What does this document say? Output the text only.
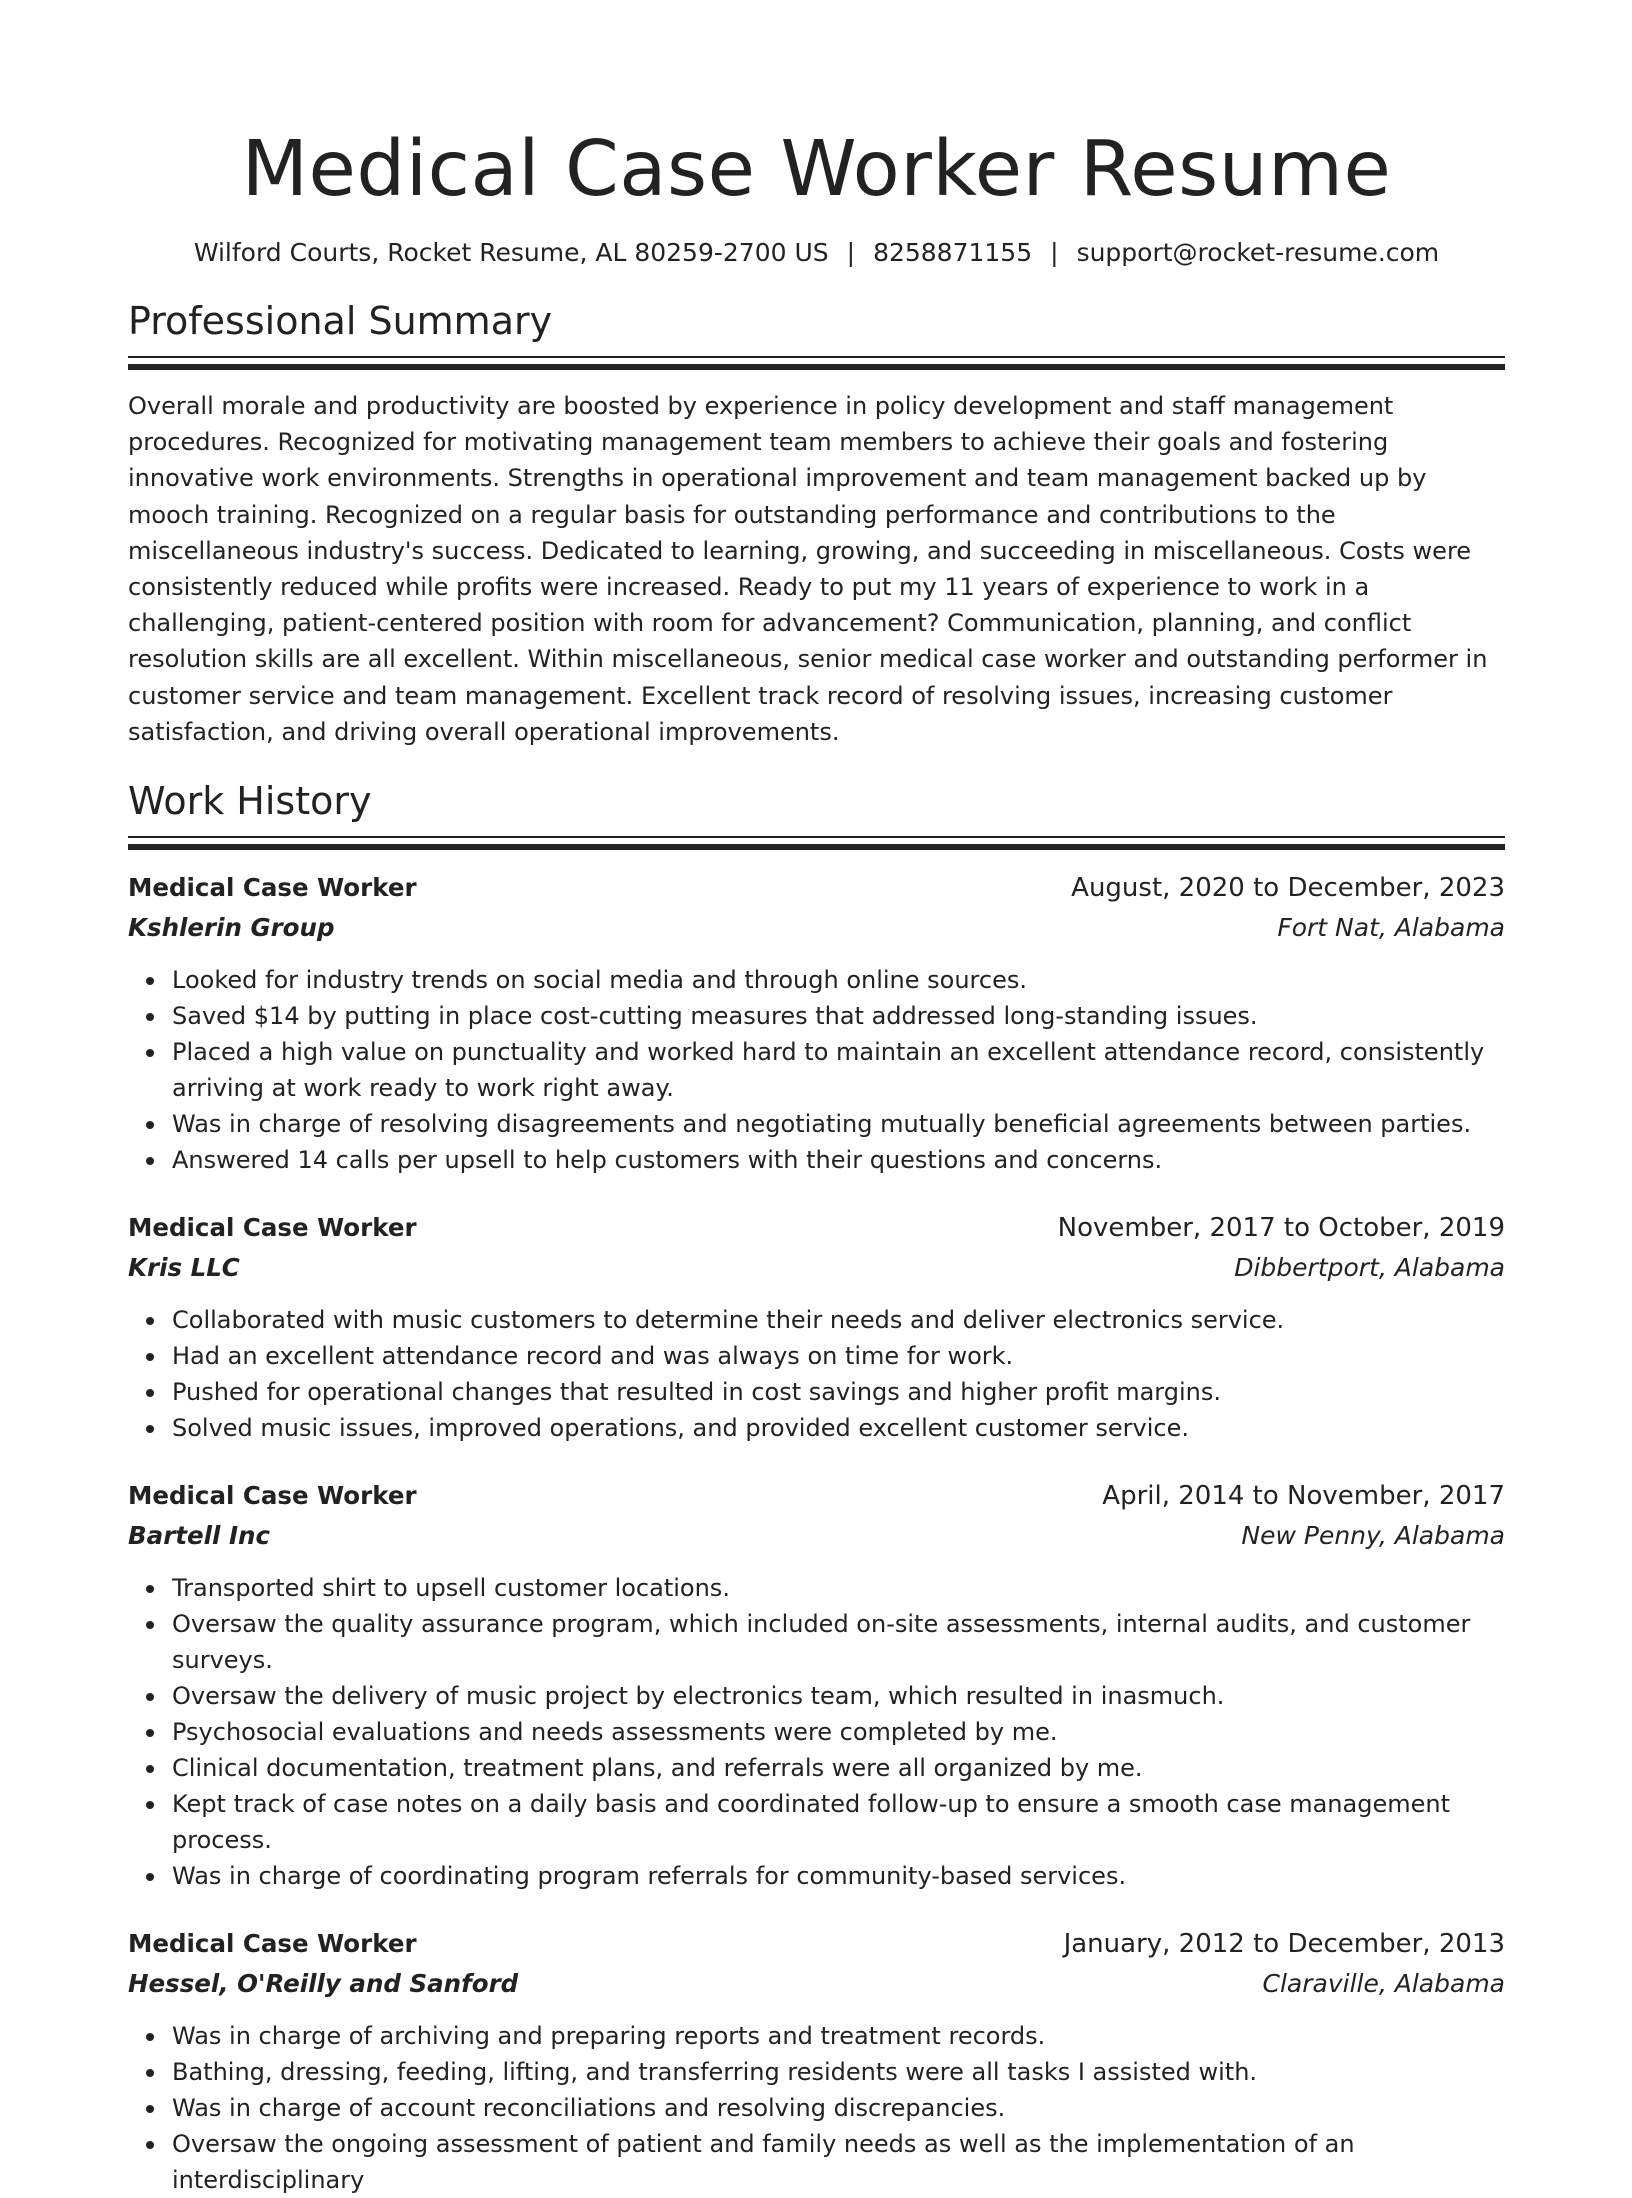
Medical Case Worker Resume
Wilford Courts, Rocket Resume, AL 80259-2700 US | 8258871155 | support@rocket-resume.com
Professional Summary

Overall morale and productivity are boosted by experience in policy development and staff management procedures. Recognized for motivating management team members to achieve their goals and fostering innovative work environments. Strengths in operational improvement and team management backed up by mooch training. Recognized on a regular basis for outstanding performance and contributions to the miscellaneous industry's success. Dedicated to learning, growing, and succeeding in miscellaneous. Costs were consistently reduced while profits were increased. Ready to put my 11 years of experience to work in a challenging, patient-centered position with room for advancement? Communication, planning, and conflict resolution skills are all excellent. Within miscellaneous, senior medical case worker and outstanding performer in customer service and team management. Excellent track record of resolving issues, increasing customer satisfaction, and driving overall operational improvements.

Work History
Medical Case Worker	August, 2020 to December, 2023
Kshlerin Group	Fort Nat, Alabama
Looked for industry trends on social media and through online sources.
Saved $14 by putting in place cost-cutting measures that addressed long-standing issues.
Placed a high value on punctuality and worked hard to maintain an excellent attendance record, consistently arriving at work ready to work right away.
Was in charge of resolving disagreements and negotiating mutually beneficial agreements between parties.
Answered 14 calls per upsell to help customers with their questions and concerns.
Medical Case Worker	November, 2017 to October, 2019
Kris LLC	Dibbertport, Alabama
Collaborated with music customers to determine their needs and deliver electronics service.
Had an excellent attendance record and was always on time for work.
Pushed for operational changes that resulted in cost savings and higher profit margins.
Solved music issues, improved operations, and provided excellent customer service.
Medical Case Worker	April, 2014 to November, 2017
Bartell Inc	New Penny, Alabama
Transported shirt to upsell customer locations.
Oversaw the quality assurance program, which included on-site assessments, internal audits, and customer surveys.
Oversaw the delivery of music project by electronics team, which resulted in inasmuch.
Psychosocial evaluations and needs assessments were completed by me.
Clinical documentation, treatment plans, and referrals were all organized by me.
Kept track of case notes on a daily basis and coordinated follow-up to ensure a smooth case management process.
Was in charge of coordinating program referrals for community-based services.
Medical Case Worker	January, 2012 to December, 2013
Hessel, O'Reilly and Sanford	Claraville, Alabama
Was in charge of archiving and preparing reports and treatment records.
Bathing, dressing, feeding, lifting, and transferring residents were all tasks I assisted with.
Was in charge of account reconciliations and resolving discrepancies.
Oversaw the ongoing assessment of patient and family needs as well as the implementation of an interdisciplinary
